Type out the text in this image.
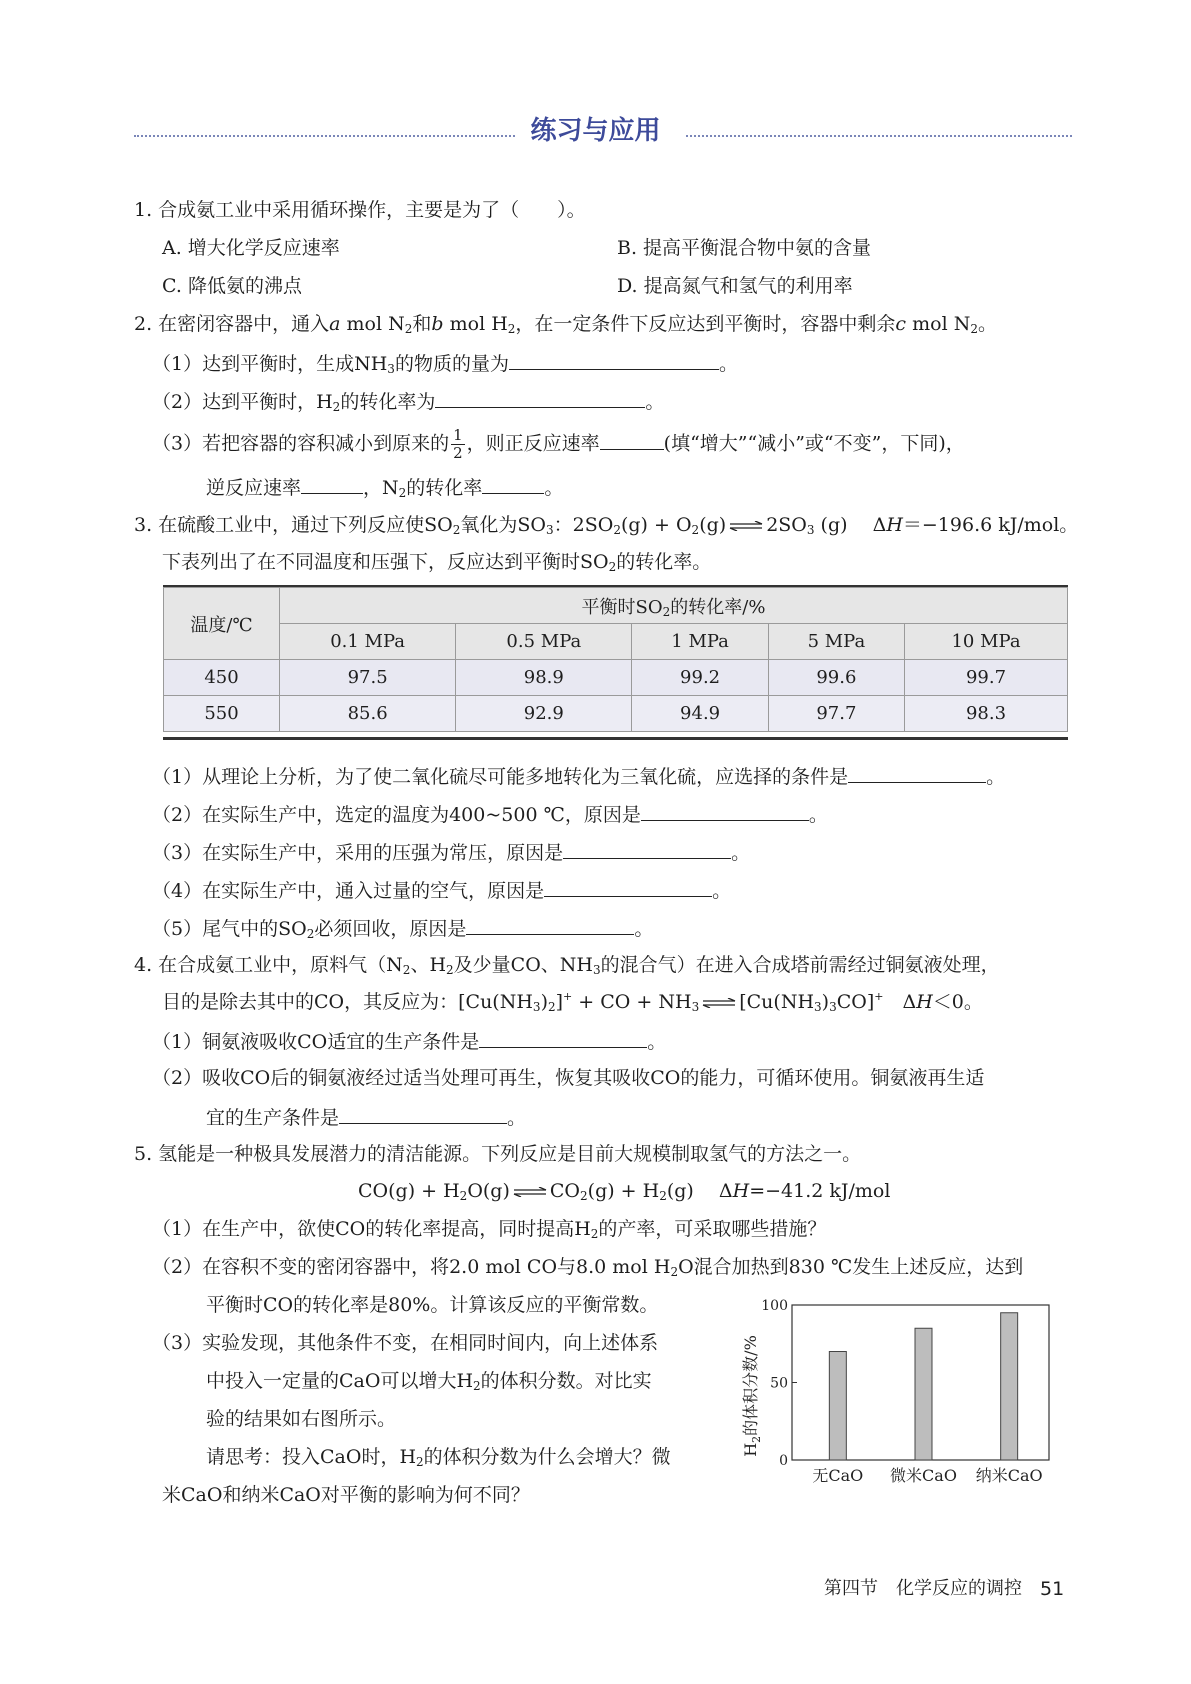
练习与应用
1. 合成氨工业中采用循环操作，主要是为了（　　）。
A. 增大化学反应速率	B. 提高平衡混合物中氨的含量
C. 降低氨的沸点	D. 提高氮气和氢气的利用率
2. 在密闭容器中，通入a mol $N_2$和b mol $H_2$，在一定条件下反应达到平衡时，容器中剩余c mol $N_2$。
（1）达到平衡时，生成$NH_3$的物质的量为	。
（2）达到平衡时，$H_2$的转化率为	。
（3）若把容器的容积减小到原来的 $\frac{1}{2}$ ，则正反应速率	(填“增大”“减小”或“不变”，下同)，
逆反应速率	，$N_2$的转化率	。
3. 在硫酸工业中，通过下列反应使$SO_2$氧化为$SO_3$：$2SO_2(g) + O_2(g)$ ⇌ $2SO_3$ (g)　 ΔH＝−196.6 kJ/mol。
下表列出了在不同温度和压强下，反应达到平衡时$SO_2$的转化率。
温度/℃	平衡时$SO_2$的转化率/%				
	0.1 MPa	0.5 MPa	1 MPa	5 MPa	10 MPa
450	97.5	98.9	99.2	99.6	99.7
550	85.6	92.9	94.9	97.7	98.3
（1）从理论上分析，为了使二氧化硫尽可能多地转化为三氧化硫，应选择的条件是	。
（2）在实际生产中，选定的温度为400~500 ℃，原因是	。
（3）在实际生产中，采用的压强为常压，原因是	。
（4）在实际生产中，通入过量的空气，原因是	。
（5）尾气中的$SO_2$必须回收，原因是	。
4. 在合成氨工业中，原料气（$N_2$、$H_2$及少量CO、$NH_3$的混合气）在进入合成塔前需经过铜氨液处理，
目的是除去其中的CO，其反应为：$[Cu(NH_3)_2]^+$ + CO + $NH_3$ ⇌ $[Cu(NH_3)_3CO]^+$　ΔH＜0。
（1）铜氨液吸收CO适宜的生产条件是	。
（2）吸收CO后的铜氨液经过适当处理可再生，恢复其吸收CO的能力，可循环使用。铜氨液再生适
宜的生产条件是	。
5. 氢能是一种极具发展潜力的清洁能源。下列反应是目前大规模制取氢气的方法之一。
$CO(g) + H_2O(g)$ ⇌ $CO_2(g) + H_2(g)$　 ΔH=−41.2 kJ/mol
（1）在生产中，欲使CO的转化率提高，同时提高$H_2$的产率，可采取哪些措施？
（2）在容积不变的密闭容器中，将2.0 mol CO与8.0 mol $H_2O$混合加热到830 ℃发生上述反应，达到
平衡时CO的转化率是80%。计算该反应的平衡常数。
（3）实验发现，其他条件不变，在相同时间内，向上述体系
中投入一定量的CaO可以增大$H_2$的体积分数。对比实
验的结果如右图所示。
请思考：投入CaO时，$H_2$的体积分数为什么会增大？微
米CaO和纳米CaO对平衡的影响为何不同？
$H_2$的体积分数/%
0
50
100
无CaO 微米CaO 纳米CaO
第四节　化学反应的调控 51
